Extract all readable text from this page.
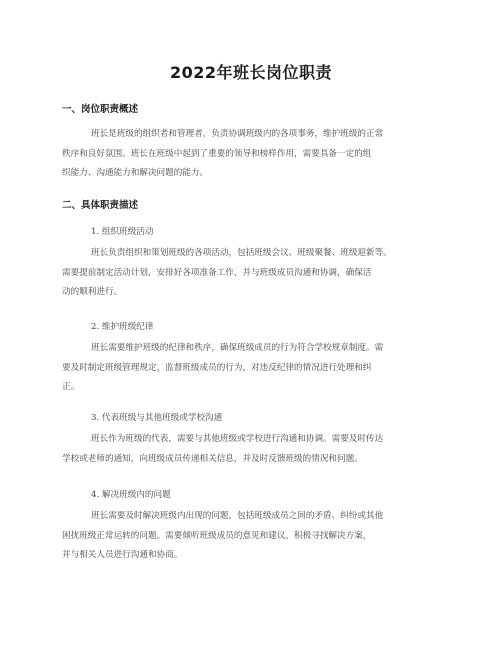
2022年班长岗位职责
一、岗位职责概述
班长是班级的组织者和管理者，负责协调班级内的各项事务，维护班级的正常
秩序和良好氛围。班长在班级中起到了重要的领导和榜样作用，需要具备一定的组
织能力、沟通能力和解决问题的能力。
二、具体职责描述
1. 组织班级活动
班长负责组织和策划班级的各项活动，包括班级会议、班级聚餐、班级迎新等。
需要提前制定活动计划，安排好各项准备工作，并与班级成员沟通和协调，确保活
动的顺利进行。
2. 维护班级纪律
班长需要维护班级的纪律和秩序，确保班级成员的行为符合学校规章制度。需
要及时制定班级管理规定，监督班级成员的行为，对违反纪律的情况进行处理和纠
正。
3. 代表班级与其他班级或学校沟通
班长作为班级的代表，需要与其他班级或学校进行沟通和协调。需要及时传达
学校或老师的通知，向班级成员传递相关信息，并及时反馈班级的情况和问题。
4. 解决班级内的问题
班长需要及时解决班级内出现的问题，包括班级成员之间的矛盾、纠纷或其他
困扰班级正常运转的问题。需要倾听班级成员的意见和建议，积极寻找解决方案，
并与相关人员进行沟通和协商。
